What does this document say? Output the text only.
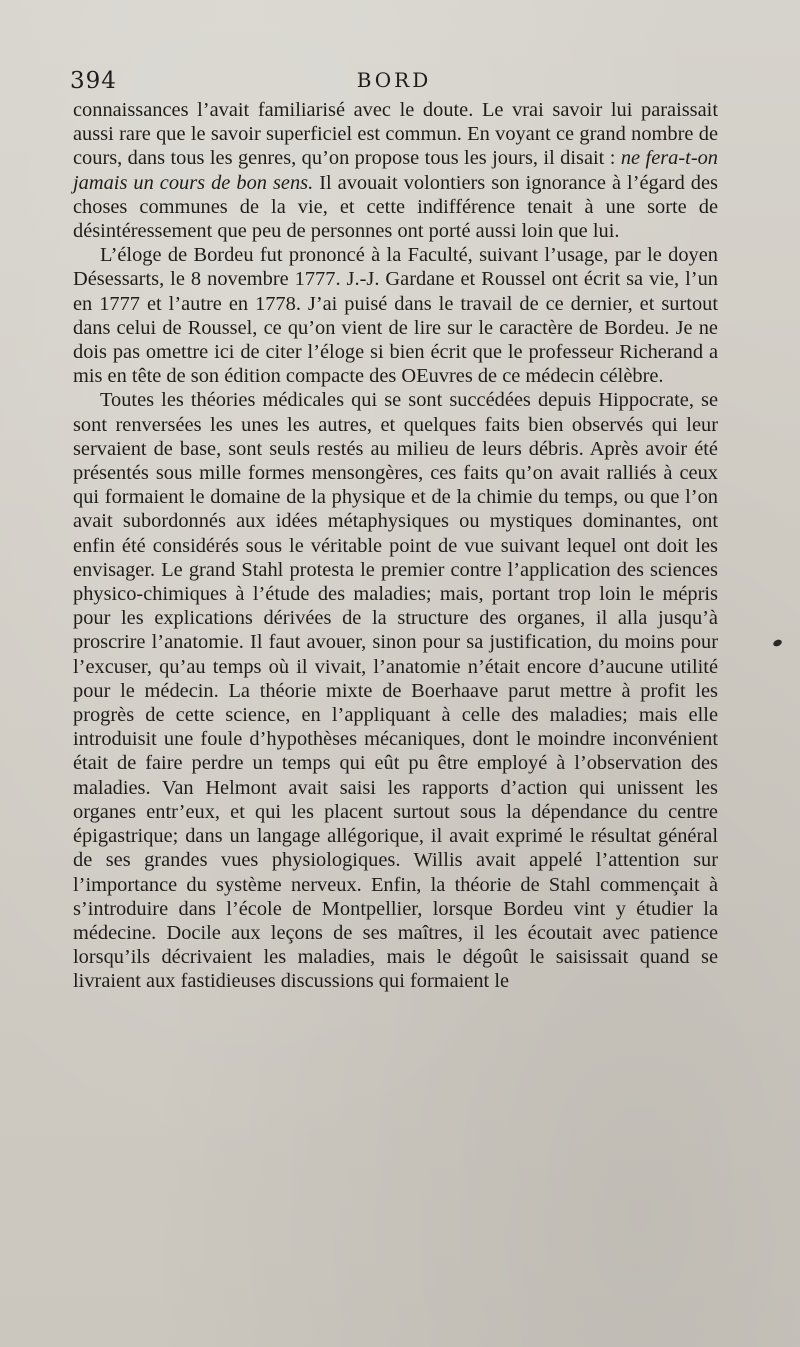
394	BORD

connaissances l’avait familiarisé avec le doute. Le vrai savoir lui paraissait aussi rare que le savoir superficiel est commun. En voyant ce grand nombre de cours, dans tous les genres, qu’on propose tous les jours, il disait : ne fera-t-on jamais un cours de bon sens. Il avouait volontiers son ignorance à l’égard des choses communes de la vie, et cette indifférence tenait à une sorte de désintéressement que peu de personnes ont porté aussi loin que lui.

L’éloge de Bordeu fut prononcé à la Faculté, suivant l’usage, par le doyen Désessarts, le 8 novembre 1777. J.-J. Gardane et Roussel ont écrit sa vie, l’un en 1777 et l’autre en 1778. J’ai puisé dans le travail de ce dernier, et surtout dans celui de Roussel, ce qu’on vient de lire sur le caractère de Bordeu. Je ne dois pas omettre ici de citer l’éloge si bien écrit que le professeur Richerand a mis en tête de son édition compacte des OEuvres de ce médecin célèbre.

Toutes les théories médicales qui se sont succédées depuis Hippocrate, se sont renversées les unes les autres, et quelques faits bien observés qui leur servaient de base, sont seuls restés au milieu de leurs débris. Après avoir été présentés sous mille formes mensongères, ces faits qu’on avait ralliés à ceux qui formaient le domaine de la physique et de la chimie du temps, ou que l’on avait subordonnés aux idées métaphysiques ou mystiques dominantes, ont enfin été considérés sous le véritable point de vue suivant lequel ont doit les envisager. Le grand Stahl protesta le premier contre l’application des sciences physico-chimiques à l’étude des maladies; mais, portant trop loin le mépris pour les explications dérivées de la structure des organes, il alla jusqu’à proscrire l’anatomie. Il faut avouer, sinon pour sa justification, du moins pour l’excuser, qu’au temps où il vivait, l’anatomie n’était encore d’aucune utilité pour le médecin. La théorie mixte de Boerhaave parut mettre à profit les progrès de cette science, en l’appliquant à celle des maladies; mais elle introduisit une foule d’hypothèses mécaniques, dont le moindre inconvénient était de faire perdre un temps qui eût pu être employé à l’observation des maladies. Van Helmont avait saisi les rapports d’action qui unissent les organes entr’eux, et qui les placent surtout sous la dépendance du centre épigastrique; dans un langage allégorique, il avait exprimé le résultat général de ses grandes vues physiologiques. Willis avait appelé l’attention sur l’importance du système nerveux. Enfin, la théorie de Stahl commençait à s’introduire dans l’école de Montpellier, lorsque Bordeu vint y étudier la médecine. Docile aux leçons de ses maîtres, il les écoutait avec patience lorsqu’ils décrivaient les maladies, mais le dégoût le saisissait quand se livraient aux fastidieuses discussions qui formaient le
